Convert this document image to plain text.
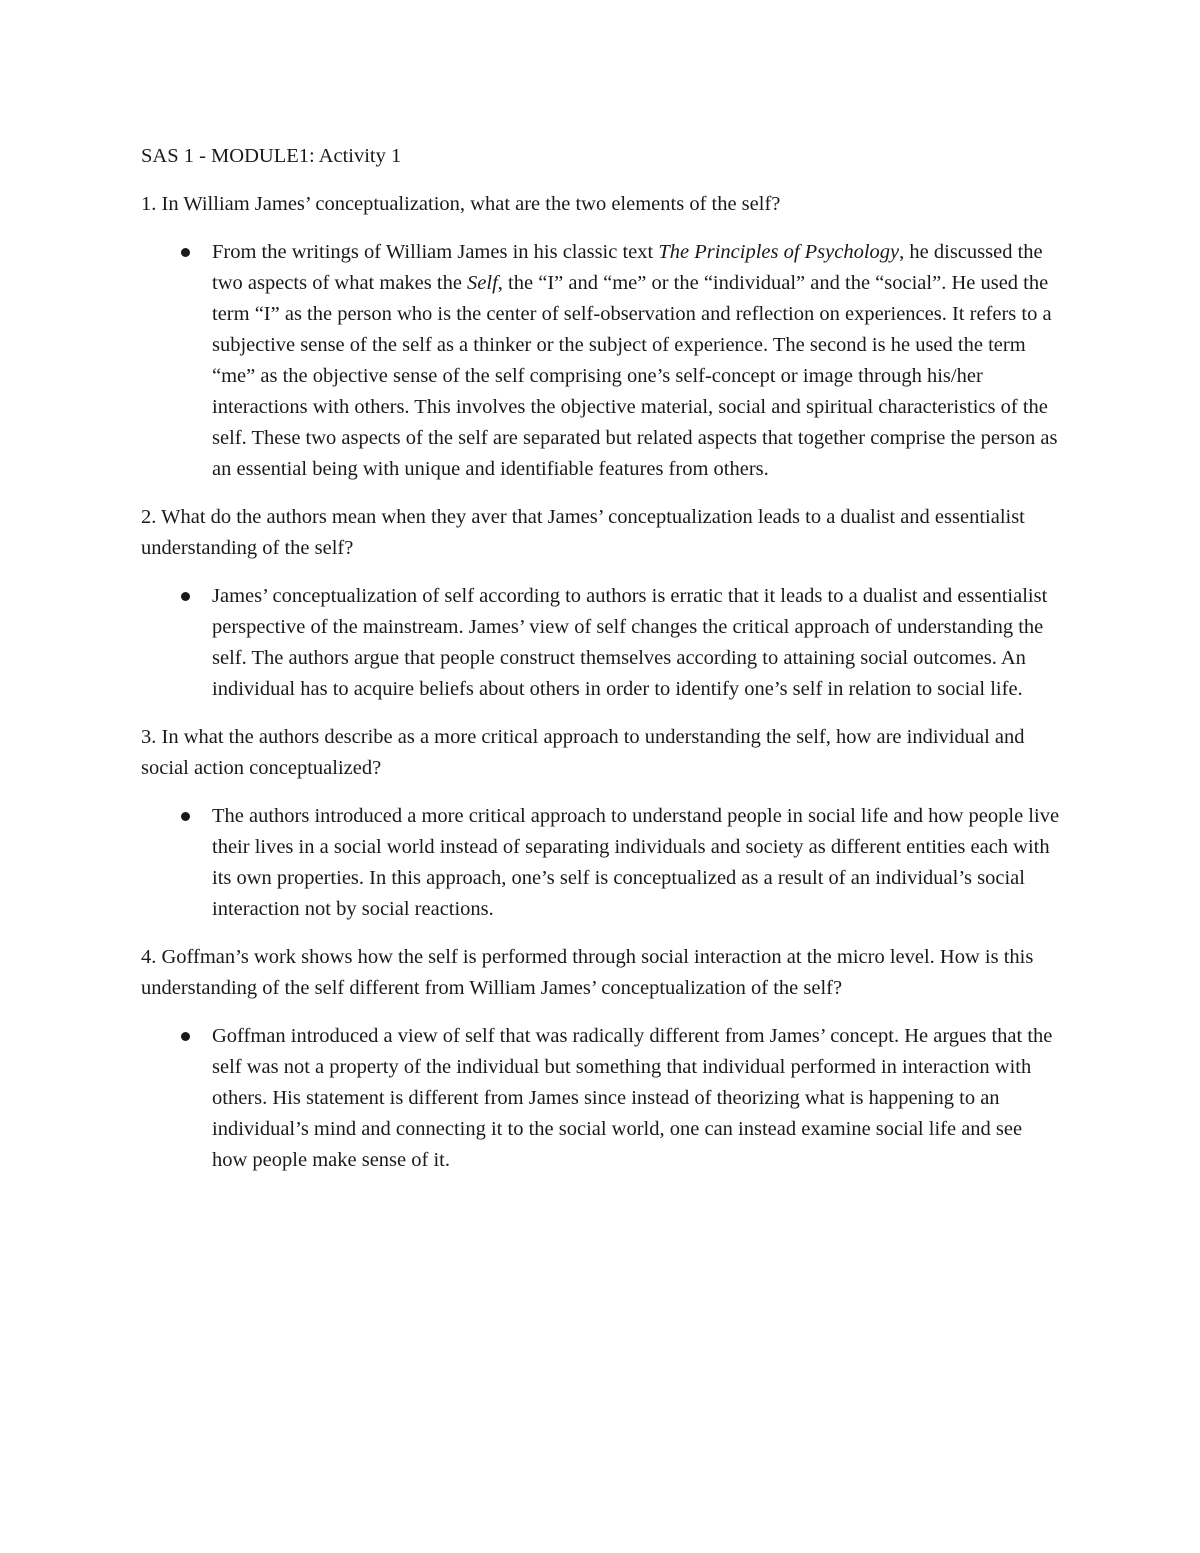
SAS 1 - MODULE1: Activity 1

1. In William James’ conceptualization, what are the two elements of the self?

From the writings of William James in his classic text The Principles of Psychology, he discussed the two aspects of what makes the Self, the “I” and “me” or the “individual” and the “social”. He used the term “I” as the person who is the center of self-observation and reflection on experiences. It refers to a subjective sense of the self as a thinker or the subject of experience. The second is he used the term “me” as the objective sense of the self comprising one’s self-concept or image through his/her interactions with others. This involves the objective material, social and spiritual characteristics of the self. These two aspects of the self are separated but related aspects that together comprise the person as an essential being with unique and identifiable features from others.

2. What do the authors mean when they aver that James’ conceptualization leads to a dualist and essentialist understanding of the self?

James’ conceptualization of self according to authors is erratic that it leads to a dualist and essentialist perspective of the mainstream. James’ view of self changes the critical approach of understanding the self. The authors argue that people construct themselves according to attaining social outcomes. An individual has to acquire beliefs about others in order to identify one’s self in relation to social life.

3. In what the authors describe as a more critical approach to understanding the self, how are individual and social action conceptualized?

The authors introduced a more critical approach to understand people in social life and how people live their lives in a social world instead of separating individuals and society as different entities each with its own properties. In this approach, one’s self is conceptualized as a result of an individual’s social interaction not by social reactions.

4. Goffman’s work shows how the self is performed through social interaction at the micro level. How is this understanding of the self different from William James’ conceptualization of the self?

Goffman introduced a view of self that was radically different from James’ concept. He argues that the self was not a property of the individual but something that individual performed in interaction with others. His statement is different from James since instead of theorizing what is happening to an individual’s mind and connecting it to the social world, one can instead examine social life and see how people make sense of it.
